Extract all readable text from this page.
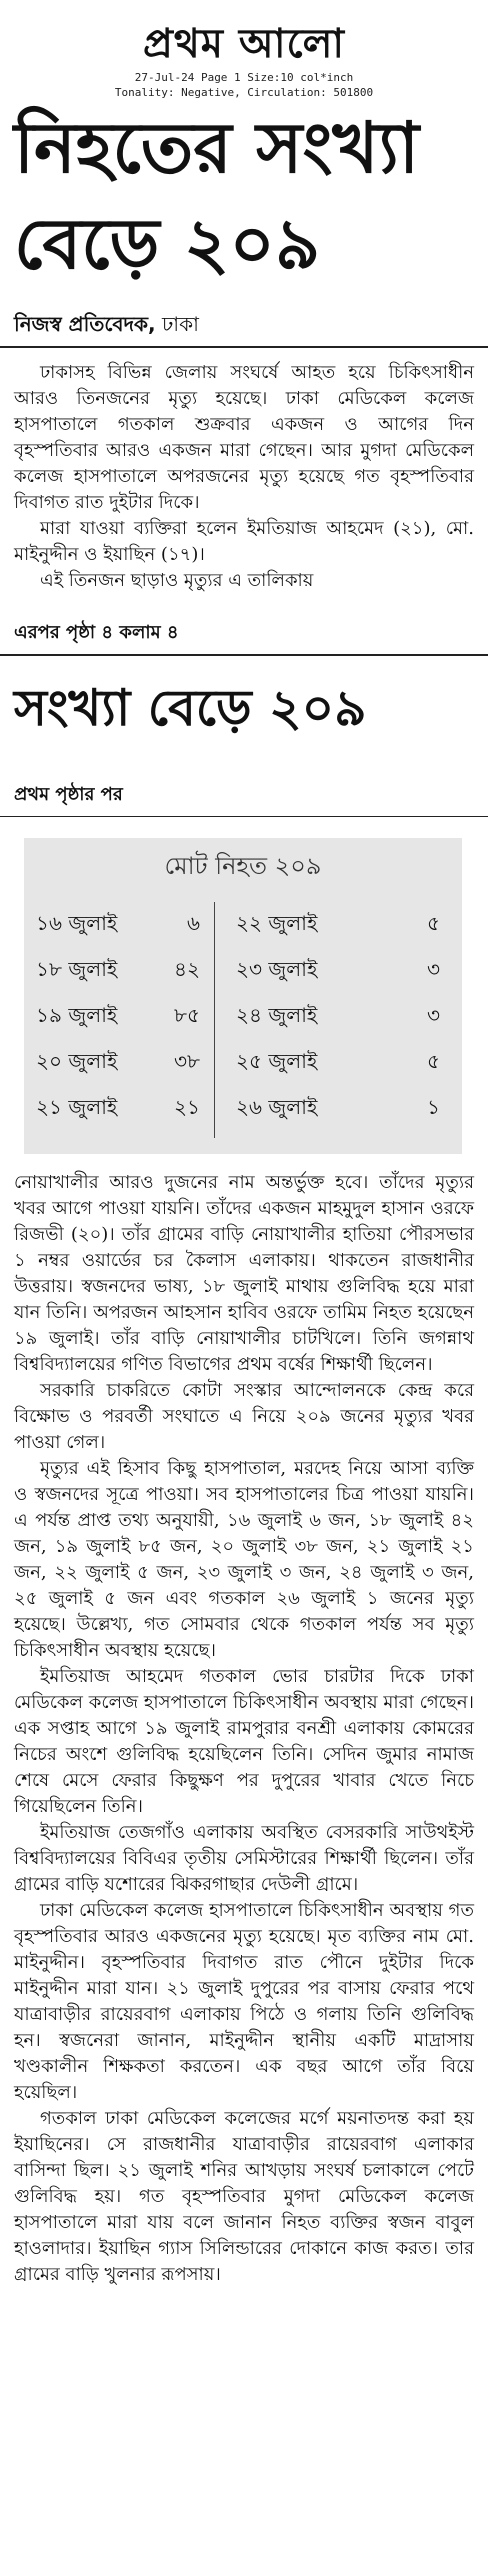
প্রথম আলো
27-Jul-24 Page 1 Size:10 col*inch
Tonality: Negative, Circulation: 501800
নিহতের সংখ্যা বেড়ে ২০৯
নিজস্ব প্রতিবেদক, ঢাকা

ঢাকাসহ বিভিন্ন জেলায় সংঘর্ষে আহত হয়ে চিকিৎসাধীন আরও তিনজনের মৃত্যু হয়েছে। ঢাকা মেডিকেল কলেজ হাসপাতালে গতকাল শুক্রবার একজন ও আগের দিন বৃহস্পতিবার আরও একজন মারা গেছেন। আর মুগদা মেডিকেল কলেজ হাসপাতালে অপরজনের মৃত্যু হয়েছে গত বৃহস্পতিবার দিবাগত রাত দুইটার দিকে।

মারা যাওয়া ব্যক্তিরা হলেন ইমতিয়াজ আহমেদ (২১), মো. মাইনুদ্দীন ও ইয়াছিন (১৭)।

এই তিনজন ছাড়াও মৃত্যুর এ তালিকায়

এরপর পৃষ্ঠা ৪ কলাম ৪
সংখ্যা বেড়ে ২০৯
প্রথম পৃষ্ঠার পর
মোট নিহত ২০৯
১৬ জুলাই	৬
১৮ জুলাই	৪২
১৯ জুলাই	৮৫
২০ জুলাই	৩৮
২১ জুলাই	২১
২২ জুলাই	৫
২৩ জুলাই	৩
২৪ জুলাই	৩
২৫ জুলাই	৫
২৬ জুলাই	১

নোয়াখালীর আরও দুজনের নাম অন্তর্ভুক্ত হবে। তাঁদের মৃত্যুর খবর আগে পাওয়া যায়নি। তাঁদের একজন মাহমুদুল হাসান ওরফে রিজভী (২০)। তাঁর গ্রামের বাড়ি নোয়াখালীর হাতিয়া পৌরসভার ১ নম্বর ওয়ার্ডের চর কৈলাস এলাকায়। থাকতেন রাজধানীর উত্তরায়। স্বজনদের ভাষ্য, ১৮ জুলাই মাথায় গুলিবিদ্ধ হয়ে মারা যান তিনি। অপরজন আহসান হাবিব ওরফে তামিম নিহত হয়েছেন ১৯ জুলাই। তাঁর বাড়ি নোয়াখালীর চাটখিলে। তিনি জগন্নাথ বিশ্ববিদ্যালয়ের গণিত বিভাগের প্রথম বর্ষের শিক্ষার্থী ছিলেন।

সরকারি চাকরিতে কোটা সংস্কার আন্দোলনকে কেন্দ্র করে বিক্ষোভ ও পরবর্তী সংঘাতে এ নিয়ে ২০৯ জনের মৃত্যুর খবর পাওয়া গেল।

মৃত্যুর এই হিসাব কিছু হাসপাতাল, মরদেহ নিয়ে আসা ব্যক্তি ও স্বজনদের সূত্রে পাওয়া। সব হাসপাতালের চিত্র পাওয়া যায়নি। এ পর্যন্ত প্রাপ্ত তথ্য অনুযায়ী, ১৬ জুলাই ৬ জন, ১৮ জুলাই ৪২ জন, ১৯ জুলাই ৮৫ জন, ২০ জুলাই ৩৮ জন, ২১ জুলাই ২১ জন, ২২ জুলাই ৫ জন, ২৩ জুলাই ৩ জন, ২৪ জুলাই ৩ জন, ২৫ জুলাই ৫ জন এবং গতকাল ২৬ জুলাই ১ জনের মৃত্যু হয়েছে। উল্লেখ্য, গত সোমবার থেকে গতকাল পর্যন্ত সব মৃত্যু চিকিৎসাধীন অবস্থায় হয়েছে।

ইমতিয়াজ আহমেদ গতকাল ভোর চারটার দিকে ঢাকা মেডিকেল কলেজ হাসপাতালে চিকিৎসাধীন অবস্থায় মারা গেছেন। এক সপ্তাহ আগে ১৯ জুলাই রামপুরার বনশ্রী এলাকায় কোমরের নিচের অংশে গুলিবিদ্ধ হয়েছিলেন তিনি। সেদিন জুমার নামাজ শেষে মেসে ফেরার কিছুক্ষণ পর দুপুরের খাবার খেতে নিচে গিয়েছিলেন তিনি।

ইমতিয়াজ তেজগাঁও এলাকায় অবস্থিত বেসরকারি সাউথইস্ট বিশ্ববিদ্যালয়ের বিবিএর তৃতীয় সেমিস্টারের শিক্ষার্থী ছিলেন। তাঁর গ্রামের বাড়ি যশোরের ঝিকরগাছার দেউলী গ্রামে।

ঢাকা মেডিকেল কলেজ হাসপাতালে চিকিৎসাধীন অবস্থায় গত বৃহস্পতিবার আরও একজনের মৃত্যু হয়েছে। মৃত ব্যক্তির নাম মো. মাইনুদ্দীন। বৃহস্পতিবার দিবাগত রাত পৌনে দুইটার দিকে মাইনুদ্দীন মারা যান। ২১ জুলাই দুপুরের পর বাসায় ফেরার পথে যাত্রাবাড়ীর রায়েরবাগ এলাকায় পিঠে ও গলায় তিনি গুলিবিদ্ধ হন। স্বজনেরা জানান, মাইনুদ্দীন স্থানীয় একটি মাদ্রাসায় খণ্ডকালীন শিক্ষকতা করতেন। এক বছর আগে তাঁর বিয়ে হয়েছিল।

গতকাল ঢাকা মেডিকেল কলেজের মর্গে ময়নাতদন্ত করা হয় ইয়াছিনের। সে রাজধানীর যাত্রাবাড়ীর রায়েরবাগ এলাকার বাসিন্দা ছিল। ২১ জুলাই শনির আখড়ায় সংঘর্ষ চলাকালে পেটে গুলিবিদ্ধ হয়। গত বৃহস্পতিবার মুগদা মেডিকেল কলেজ হাসপাতালে মারা যায় বলে জানান নিহত ব্যক্তির স্বজন বাবুল হাওলাদার। ইয়াছিন গ্যাস সিলিন্ডারের দোকানে কাজ করত। তার গ্রামের বাড়ি খুলনার রূপসায়।
